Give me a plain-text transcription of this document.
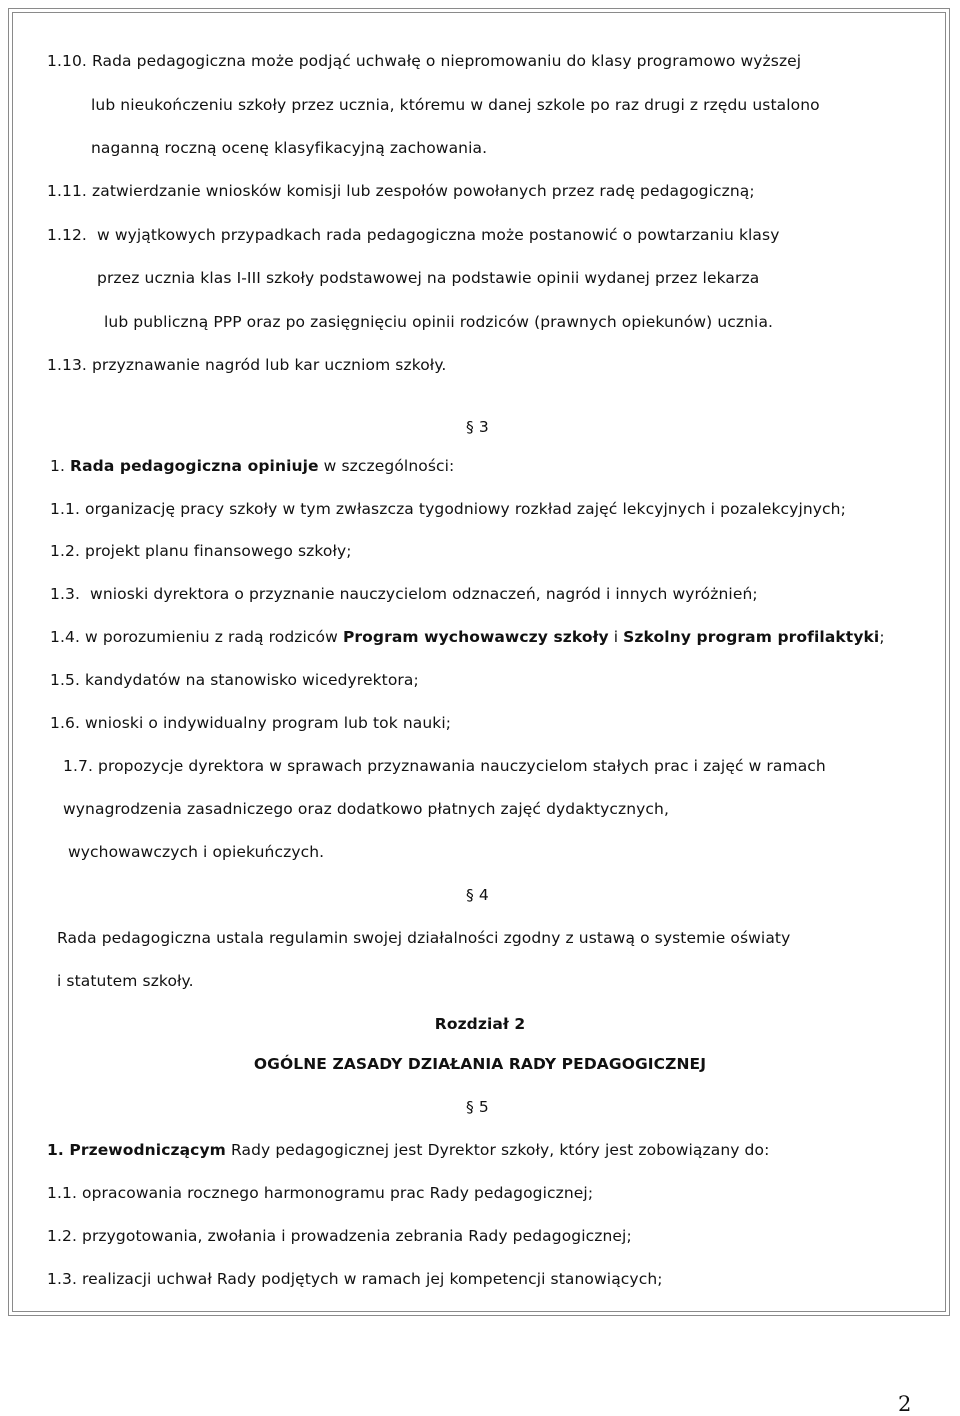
1.10. Rada pedagogiczna może podjąć uchwałę o niepromowaniu do klasy programowo wyższej
lub nieukończeniu szkoły przez ucznia, któremu w danej szkole po raz drugi z rzędu ustalono
naganną roczną ocenę klasyfikacyjną zachowania.
1.11. zatwierdzanie wniosków komisji lub zespołów powołanych przez radę pedagogiczną;
1.12. w wyjątkowych przypadkach rada pedagogiczna może postanowić o powtarzaniu klasy
przez ucznia klas I-III szkoły podstawowej na podstawie opinii wydanej przez lekarza
lub publiczną PPP oraz po zasięgnięciu opinii rodziców (prawnych opiekunów) ucznia.
1.13. przyznawanie nagród lub kar uczniom szkoły.
§ 3
1. Rada pedagogiczna opiniuje w szczególności:
1.1. organizację pracy szkoły w tym zwłaszcza tygodniowy rozkład zajęć lekcyjnych i pozalekcyjnych;
1.2. projekt planu finansowego szkoły;
1.3. wnioski dyrektora o przyznanie nauczycielom odznaczeń, nagród i innych wyróżnień;
1.4. w porozumieniu z radą rodziców Program wychowawczy szkoły i Szkolny program profilaktyki;
1.5. kandydatów na stanowisko wicedyrektora;
1.6. wnioski o indywidualny program lub tok nauki;
1.7. propozycje dyrektora w sprawach przyznawania nauczycielom stałych prac i zajęć w ramach
wynagrodzenia zasadniczego oraz dodatkowo płatnych zajęć dydaktycznych,
wychowawczych i opiekuńczych.
§ 4
Rada pedagogiczna ustala regulamin swojej działalności zgodny z ustawą o systemie oświaty
i statutem szkoły.
Rozdział 2
OGÓLNE ZASADY DZIAŁANIA RADY PEDAGOGICZNEJ
§ 5
1. Przewodniczącym Rady pedagogicznej jest Dyrektor szkoły, który jest zobowiązany do:
1.1. opracowania rocznego harmonogramu prac Rady pedagogicznej;
1.2. przygotowania, zwołania i prowadzenia zebrania Rady pedagogicznej;
1.3. realizacji uchwał Rady podjętych w ramach jej kompetencji stanowiących;
2
